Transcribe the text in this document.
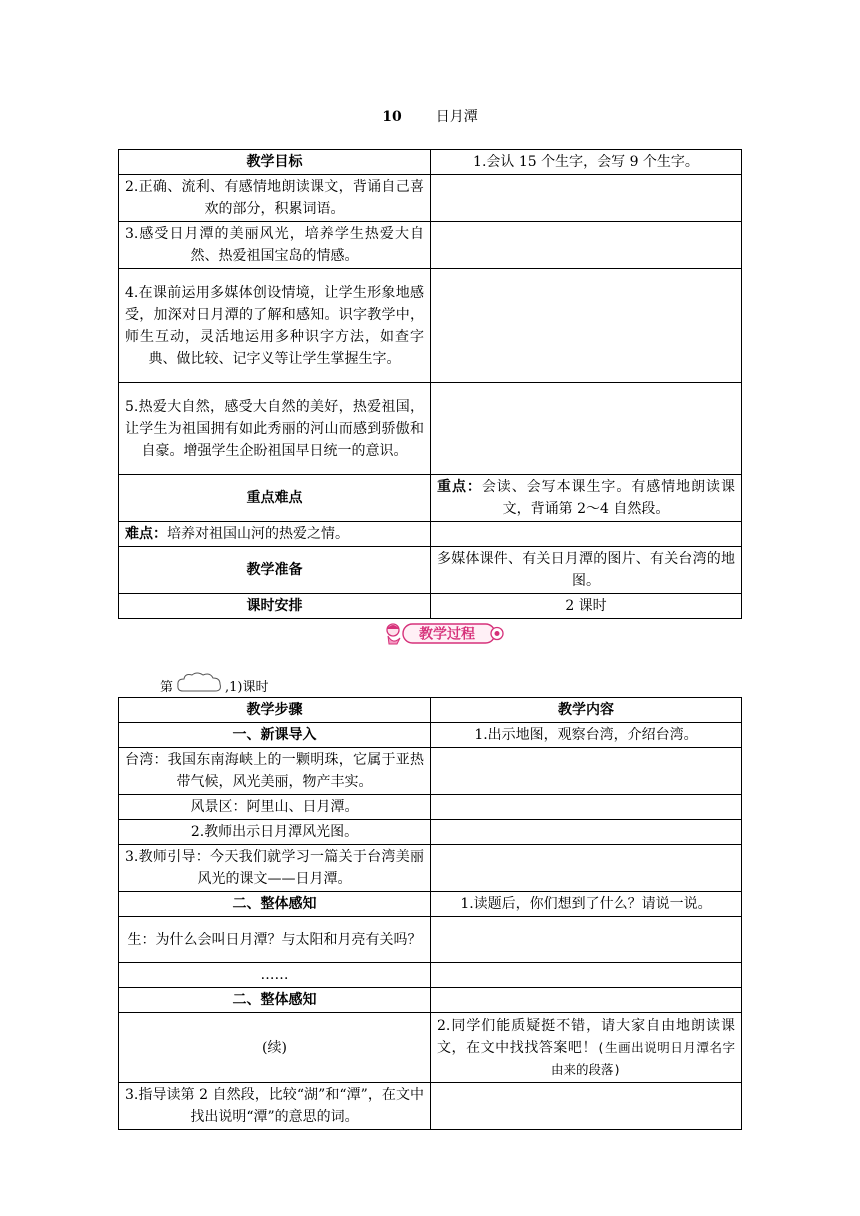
10 日月潭
教学目标	1.会认 15 个生字，会写 9 个生字。
2.正确、流利、有感情地朗读课文，背诵自己喜欢的部分，积累词语。	
3.感受日月潭的美丽风光，培养学生热爱大自然、热爱祖国宝岛的情感。	
4.在课前运用多媒体创设情境，让学生形象地感受，加深对日月潭的了解和感知。识字教学中，师生互动，灵活地运用多种识字方法，如查字典、做比较、记字义等让学生掌握生字。	
5.热爱大自然，感受大自然的美好，热爱祖国，让学生为祖国拥有如此秀丽的河山而感到骄傲和自豪。增强学生企盼祖国早日统一的意识。	
重点难点	重点：会读、会写本课生字。有感情地朗读课文，背诵第 2～4 自然段。
难点：培养对祖国山河的热爱之情。	
教学准备	多媒体课件、有关日月潭的图片、有关台湾的地图。
课时安排	2 课时
教学过程
第	,1)课时
教学步骤	教学内容
一、新课导入	1.出示地图，观察台湾，介绍台湾。
台湾：我国东南海峡上的一颗明珠，它属于亚热带气候，风光美丽，物产丰实。	
风景区：阿里山、日月潭。	
2.教师出示日月潭风光图。	
3.教师引导：今天我们就学习一篇关于台湾美丽风光的课文——日月潭。	
二、整体感知	1.读题后，你们想到了什么？请说一说。
生：为什么会叫日月潭？与太阳和月亮有关吗？	
……	
二、整体感知	
(续)	2.同学们能质疑挺不错，请大家自由地朗读课文，在文中找找答案吧！(生画出说明日月潭名字由来的段落)
3.指导读第 2 自然段，比较“湖”和“潭”，在文中找出说明“潭”的意思的词。	
